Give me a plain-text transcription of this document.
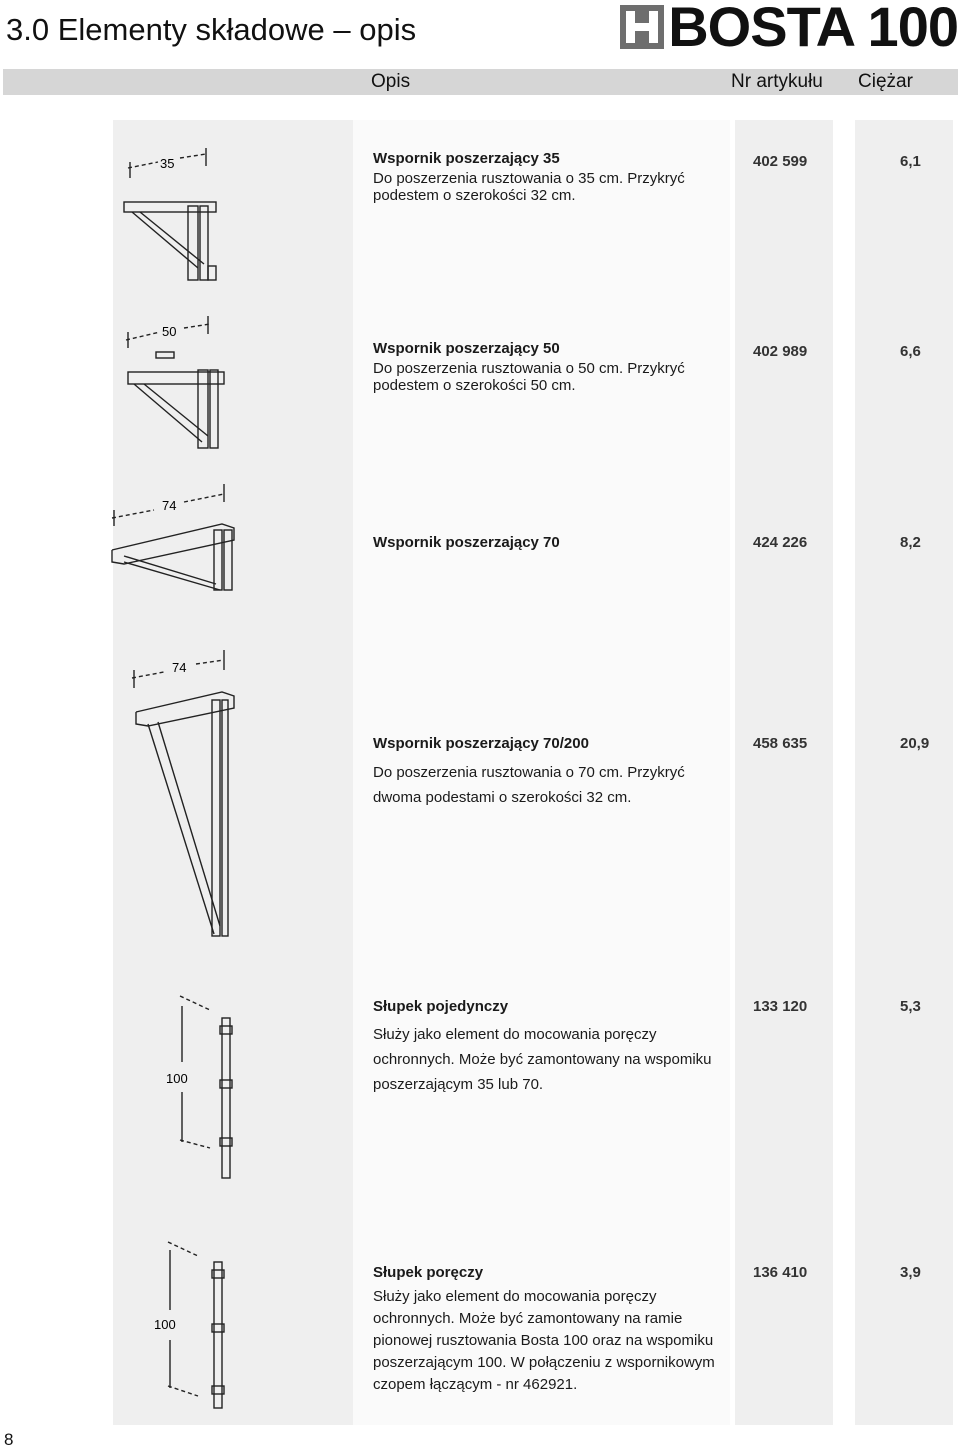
3.0 Elementy składowe – opis	BOSTA 100
Opis	Nr artykułu Ciężar
35	Wspornik poszerzający 35
Do poszerzenia rusztowania o 35 cm. Przykryć podestem o szerokości 32 cm.
402 599	6,1
50
Wspornik poszerzający 50
Do poszerzenia rusztowania o 50 cm. Przykryć podestem o szerokości 50 cm.
402 989	6,6
74
Wspornik poszerzający 70	424 226	8,2
74
Wspornik poszerzający 70/200
Do poszerzenia rusztowania o 70 cm. Przykryć dwoma podestami o szerokości 32 cm.
458 635	20,9
100
Słupek pojedynczy
Służy jako element do mocowania poręczy ochronnych. Może być zamontowany na wspomiku poszerzającym 35 lub 70.
133 120	5,3
100
Słupek poręczy
Służy jako element do mocowania poręczy ochronnych. Może być zamontowany na ramie pionowej rusztowania Bosta 100 oraz na wspomiku poszerzającym 100. W połączeniu z wspornikowym czopem łączącym - nr 462921.
136 410	3,9
8
